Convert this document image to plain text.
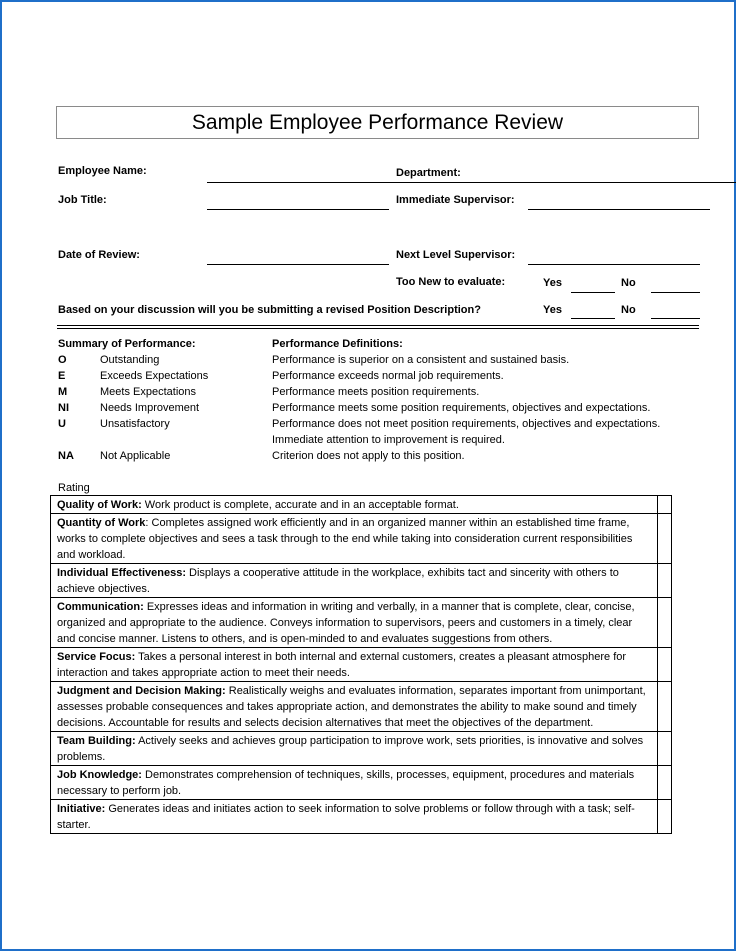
Sample Employee Performance Review
Employee Name:	Department:
Job Title:	Immediate Supervisor:
Date of Review:	Next Level Supervisor:
Too New to evaluate:	Yes	No
Based on your discussion will you be submitting a revised Position Description?	Yes	No
Summary of Performance:	Performance Definitions:
O	Outstanding	Performance is superior on a consistent and sustained basis.
E	Exceeds Expectations	Performance exceeds normal job requirements.
M	Meets Expectations	Performance meets position requirements.
NI	Needs Improvement	Performance meets some position requirements, objectives and expectations.
U	Unsatisfactory	Performance does not meet position requirements, objectives and expectations.
Immediate attention to improvement is required.
NA Not Applicable	Criterion does not apply to this position.
Rating
Quality of Work: Work product is complete, accurate and in an acceptable format.	
Quantity of Work: Completes assigned work efficiently and in an organized manner within an established time frame, works to complete objectives and sees a task through to the end while taking into consideration current responsibilities and workload.	
Individual Effectiveness: Displays a cooperative attitude in the workplace, exhibits tact and sincerity with others to achieve objectives.	
Communication: Expresses ideas and information in writing and verbally, in a manner that is complete, clear, concise, organized and appropriate to the audience. Conveys information to supervisors, peers and customers in a timely, clear and concise manner. Listens to others, and is open-minded to and evaluates suggestions from others.	
Service Focus: Takes a personal interest in both internal and external customers, creates a pleasant atmosphere for interaction and takes appropriate action to meet their needs.	
Judgment and Decision Making: Realistically weighs and evaluates information, separates important from unimportant, assesses probable consequences and takes appropriate action, and demonstrates the ability to make sound and timely decisions. Accountable for results and selects decision alternatives that meet the objectives of the department.	
Team Building: Actively seeks and achieves group participation to improve work, sets priorities, is innovative and solves problems.	
Job Knowledge: Demonstrates comprehension of techniques, skills, processes, equipment, procedures and materials necessary to perform job.	
Initiative: Generates ideas and initiates action to seek information to solve problems or follow through with a task; self-starter.	
